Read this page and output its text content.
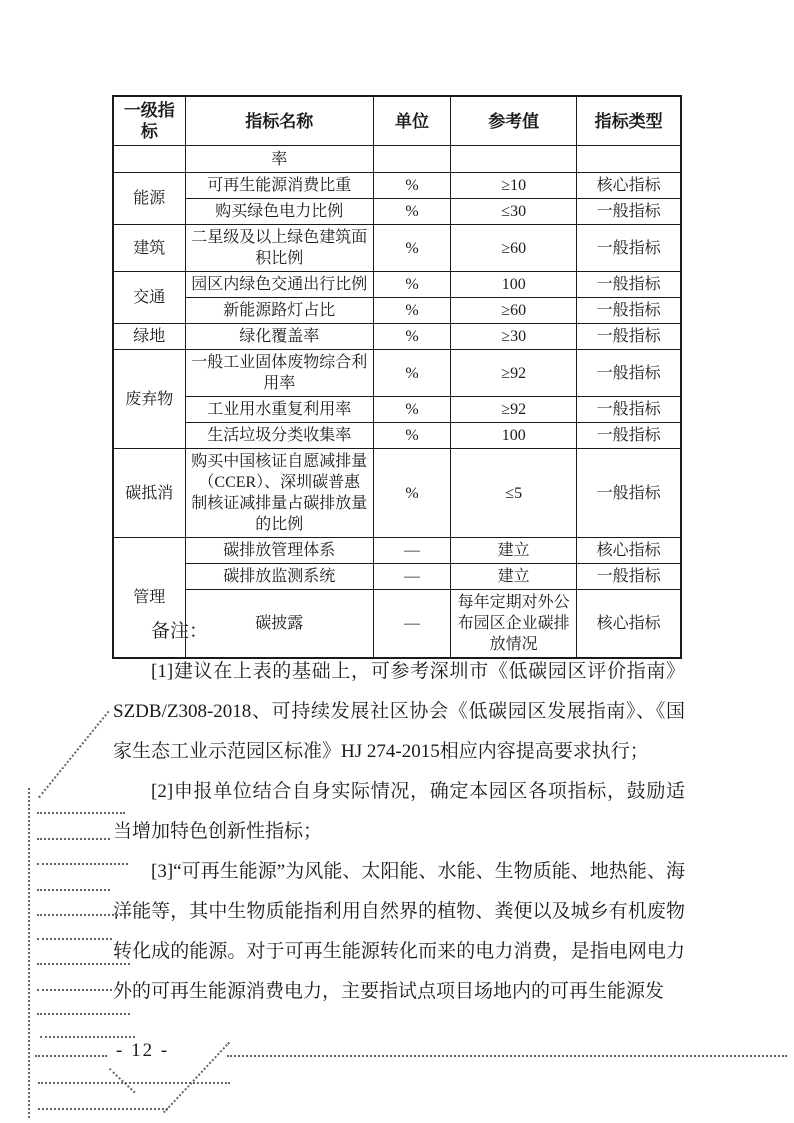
一级指标	指标名称	单位	参考值	指标类型
	率			
能源	可再生能源消费比重	%	≥10	核心指标
	购买绿色电力比例	%	≤30	一般指标
建筑	二星级及以上绿色建筑面积比例	%	≥60	一般指标
交通	园区内绿色交通出行比例	%	100	一般指标
	新能源路灯占比	%	≥60	一般指标
绿地	绿化覆盖率	%	≥30	一般指标
废弃物	一般工业固体废物综合利用率	%	≥92	一般指标
	工业用水重复利用率	%	≥92	一般指标
	生活垃圾分类收集率	%	100	一般指标
碳抵消	购买中国核证自愿减排量（CCER）、深圳碳普惠制核证减排量占碳排放量的比例	%	≤5	一般指标
管理	碳排放管理体系	—	建立	核心指标
	碳排放监测系统	—	建立	一般指标
	碳披露	—	每年定期对外公布园区企业碳排放情况	核心指标

备注：

[1]建议在上表的基础上，可参考深圳市《低碳园区评价指南》SZDB/Z308-2018、可持续发展社区协会《低碳园区发展指南》、《国家生态工业示范园区标准》HJ 274-2015相应内容提高要求执行；

[2]申报单位结合自身实际情况，确定本园区各项指标，鼓励适当增加特色创新性指标；

[3]“可再生能源”为风能、太阳能、水能、生物质能、地热能、海洋能等，其中生物质能指利用自然界的植物、粪便以及城乡有机废物转化成的能源。对于可再生能源转化而来的电力消费，是指电网电力外的可再生能源消费电力，主要指试点项目场地内的可再生能源发

- 12 -
